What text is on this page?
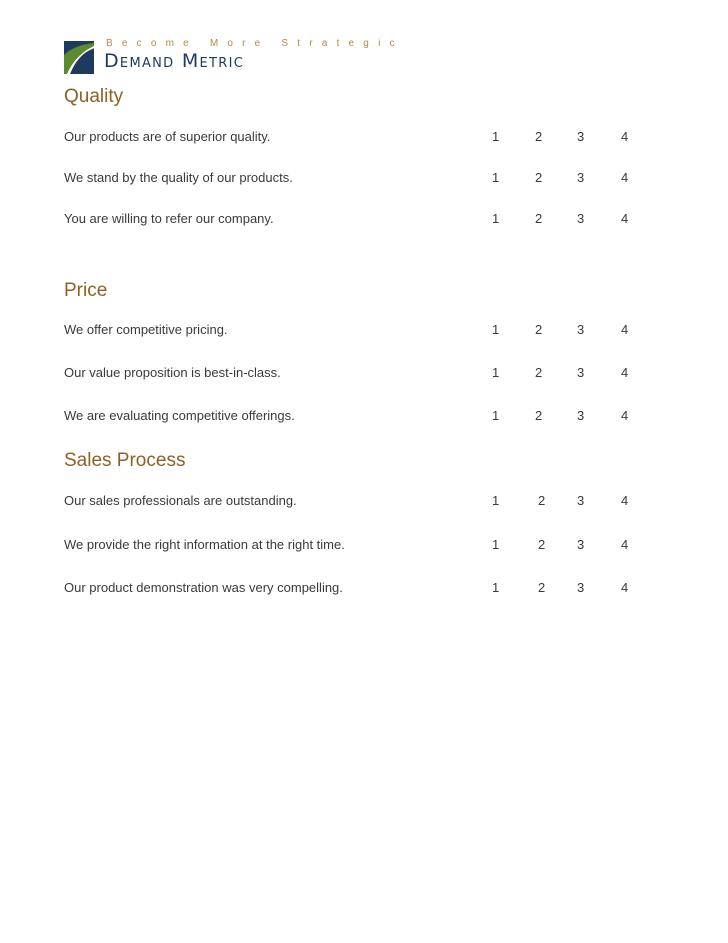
Become More Strategic
Demand Metric
Quality
Our products are of superior quality.	1	2	3	4
We stand by the quality of our products.	1	2	3	4
You are willing to refer our company.	1	2	3	4
Price
We offer competitive pricing.	1	2	3	4
Our value proposition is best-in-class.	1	2	3	4
We are evaluating competitive offerings.	1	2	3	4
Sales Process
Our sales professionals are outstanding.	1	2 3	4
We provide the right information at the right time.	1	2 3	4
Our product demonstration was very compelling.	1	2 3	4
